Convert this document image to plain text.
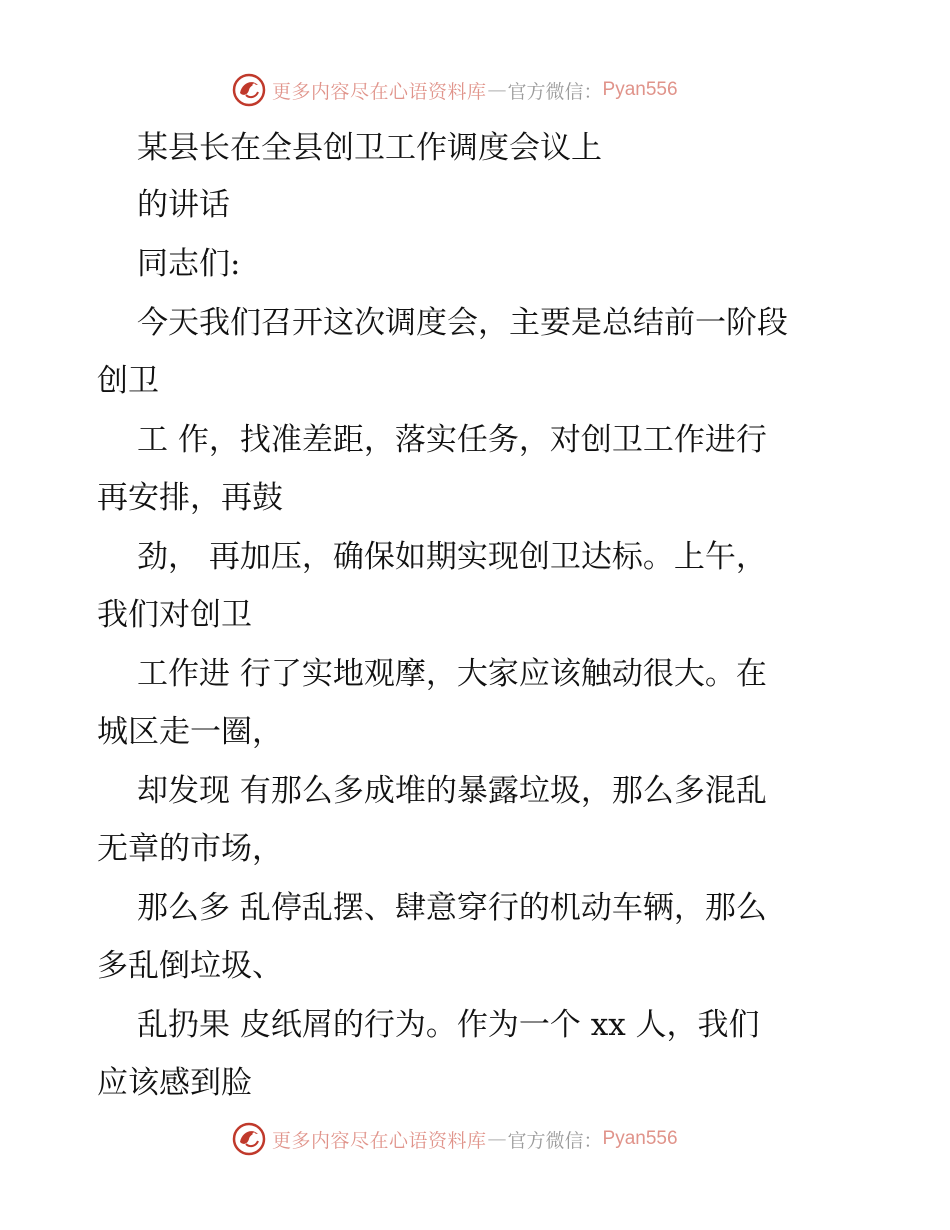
更多内容尽在心语资料库 — 官方微信： Pyan556
某县长在全县创卫工作调度会议上
的讲话
同志们:
今天我们召开这次调度会，主要是总结前一阶段
创卫
工 作，找准差距，落实任务，对创卫工作进行
再安排，再鼓
劲， 再加压，确保如期实现创卫达标。上午，
我们对创卫
工作进 行了实地观摩，大家应该触动很大。在
城区走一圈，
却发现 有那么多成堆的暴露垃圾，那么多混乱
无章的市场，
那么多 乱停乱摆、肆意穿行的机动车辆，那么
多乱倒垃圾、
乱扔果 皮纸屑的行为。作为一个 xx 人，我们
应该感到脸
更多内容尽在心语资料库 — 官方微信： Pyan556
